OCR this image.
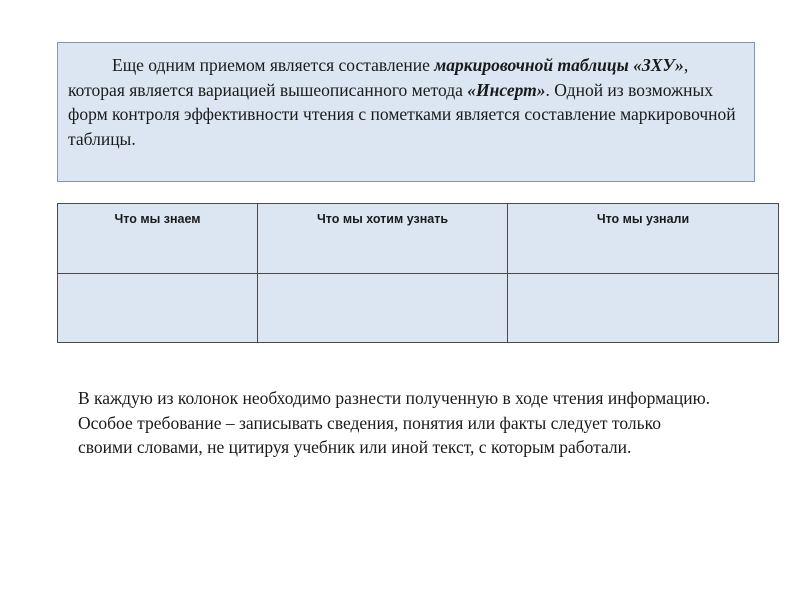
Еще одним приемом является составление маркировочной таблицы «ЗХУ», которая является вариацией вышеописанного метода «Инсерт». Одной из возможных форм контроля эффективности чтения с пометками является составление маркировочной таблицы.
Что мы знаем	Что мы хотим узнать	Что мы узнали

В каждую из колонок необходимо разнести полученную в ходе чтения информацию. Особое требование – записывать сведения, понятия или факты следует только своими словами, не цитируя учебник или иной текст, с которым работали.
